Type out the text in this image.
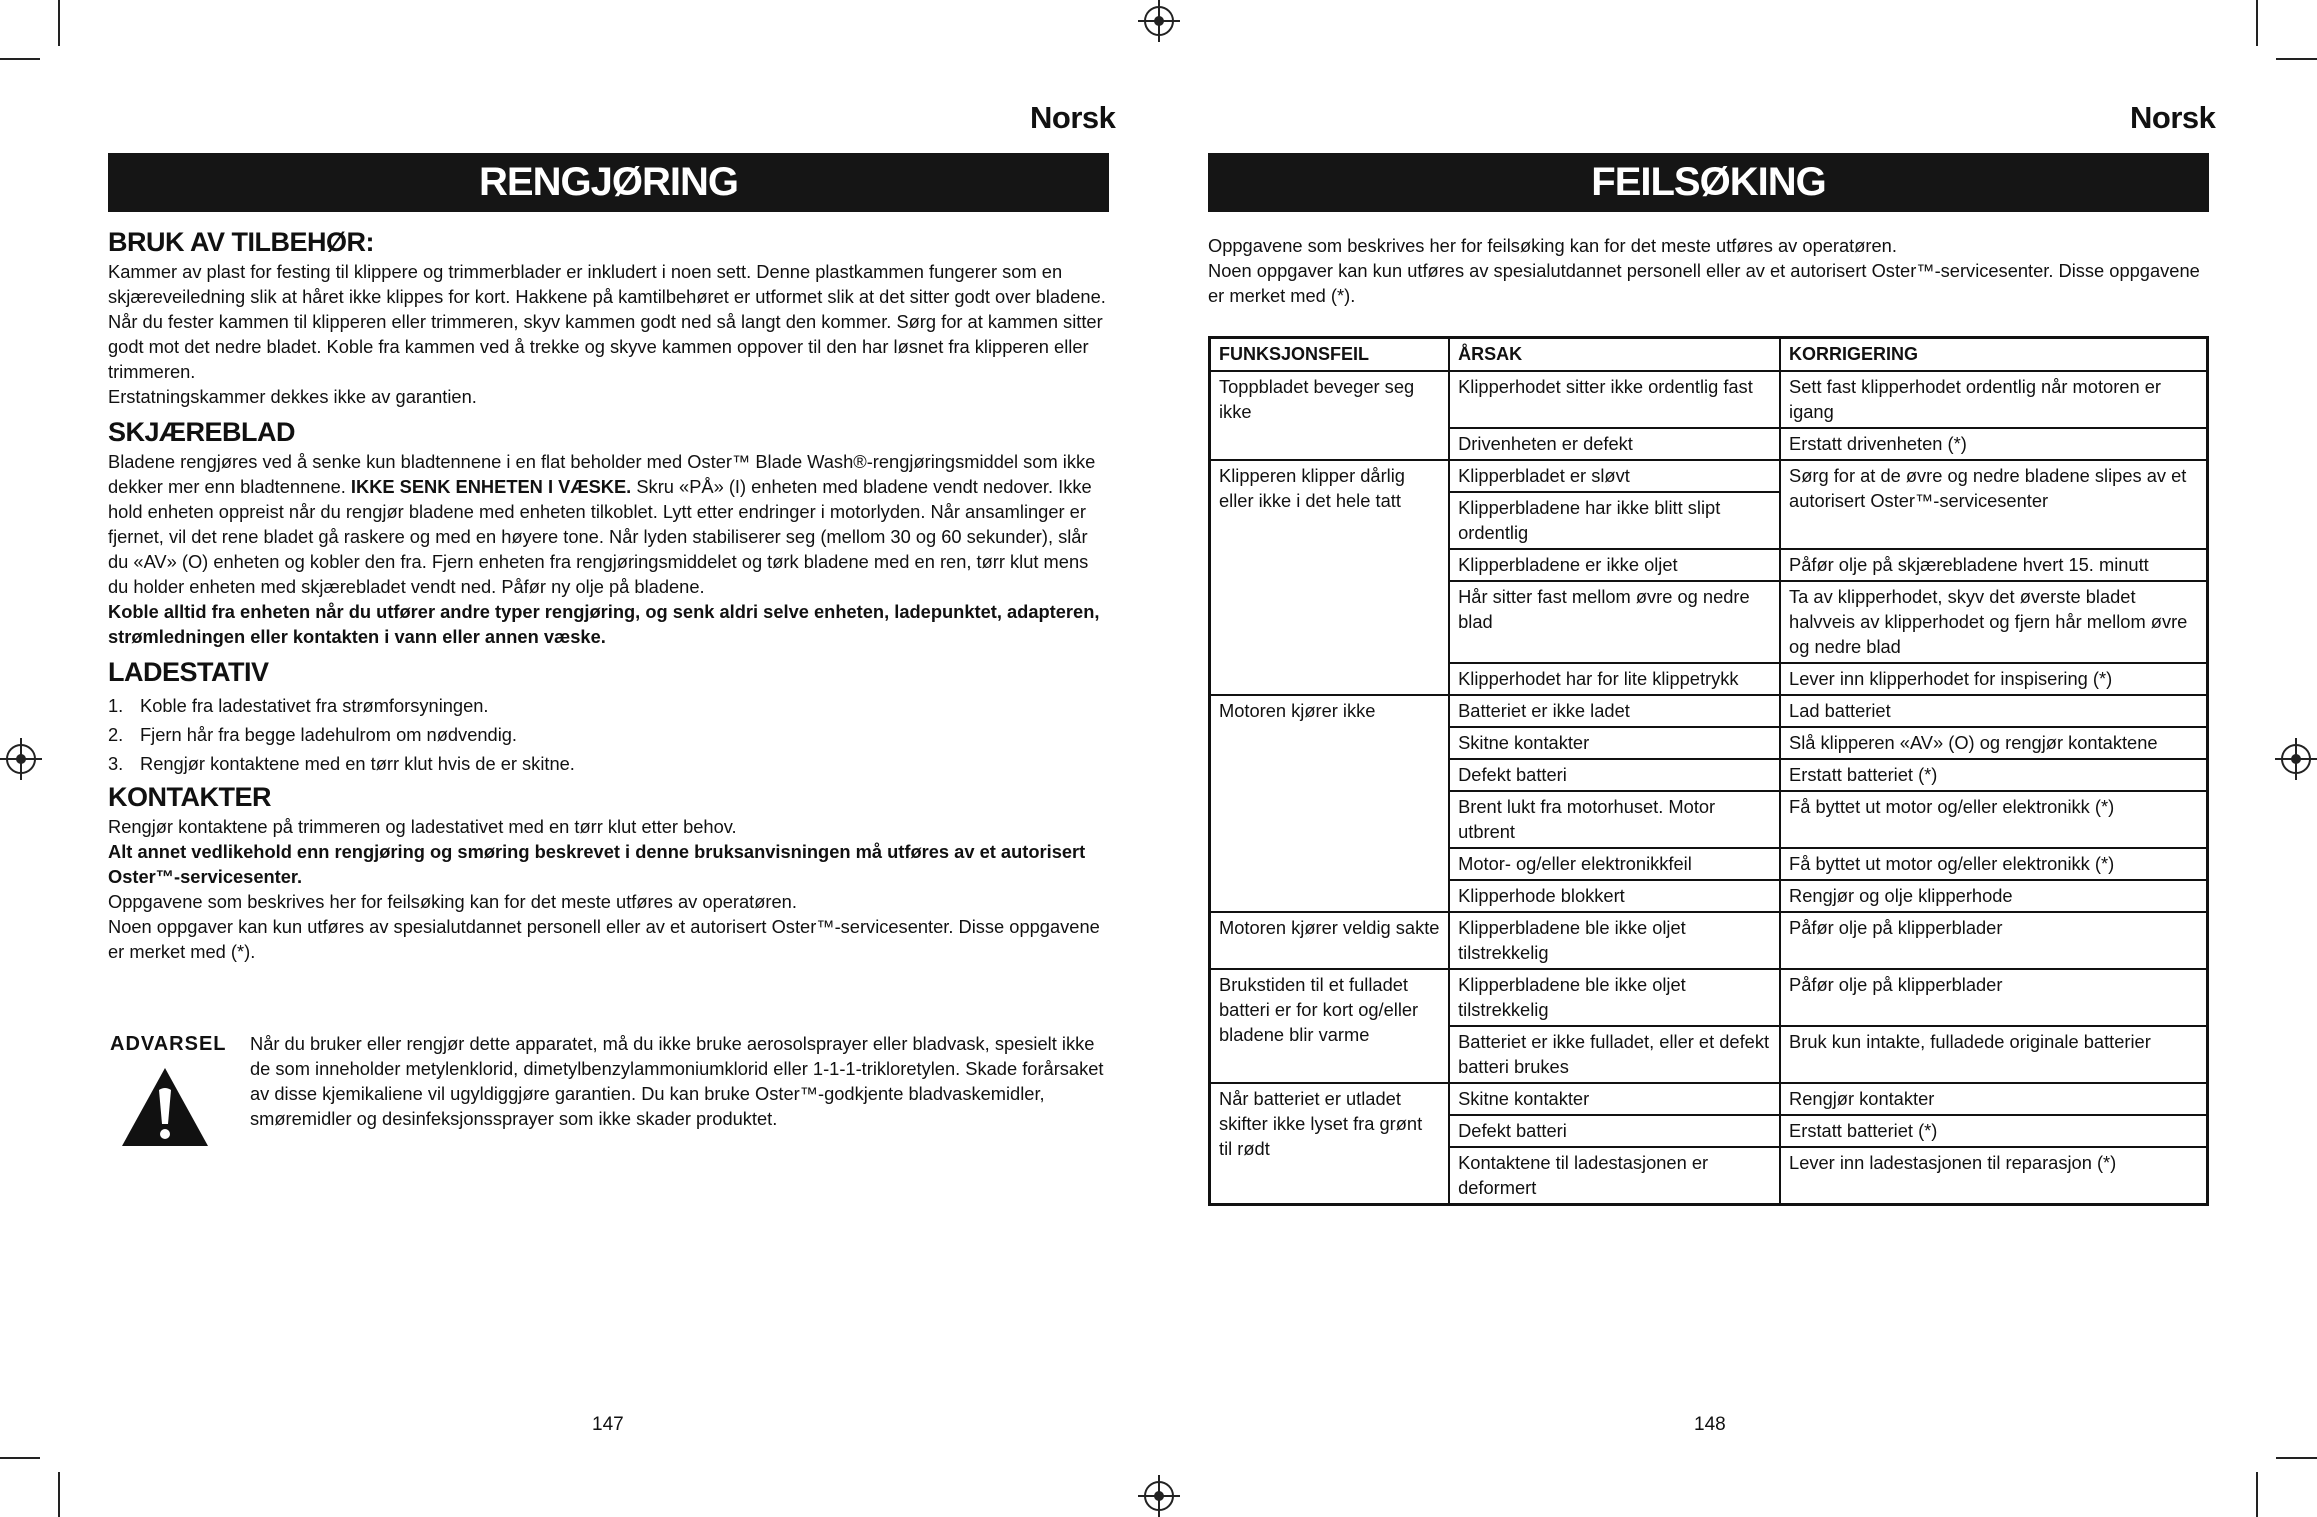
Norsk
RENGJØRING

BRUK AV TILBEHØR:

Kammer av plast for festing til klippere og trimmerblader er inkludert i noen sett. Denne plastkammen fungerer som en skjæreveiledning slik at håret ikke klippes for kort. Hakkene på kamtilbehøret er utformet slik at det sitter godt over bladene.

Når du fester kammen til klipperen eller trimmeren, skyv kammen godt ned så langt den kommer. Sørg for at kammen sitter godt mot det nedre bladet. Koble fra kammen ved å trekke og skyve kammen oppover til den har løsnet fra klipperen eller trimmeren.

Erstatningskammer dekkes ikke av garantien.

SKJÆREBLAD

Bladene rengjøres ved å senke kun bladtennene i en flat beholder med Oster™ Blade Wash®-rengjøringsmiddel som ikke dekker mer enn bladtennene. IKKE SENK ENHETEN I VÆSKE. Skru «PÅ» (I) enheten med bladene vendt nedover. Ikke hold enheten oppreist når du rengjør bladene med enheten tilkoblet. Lytt etter endringer i motorlyden. Når ansamlinger er fjernet, vil det rene bladet gå raskere og med en høyere tone. Når lyden stabiliserer seg (mellom 30 og 60 sekunder), slår du «AV» (O) enheten og kobler den fra. Fjern enheten fra rengjøringsmiddelet og tørk bladene med en ren, tørr klut mens du holder enheten med skjærebladet vendt ned. Påfør ny olje på bladene.

Koble alltid fra enheten når du utfører andre typer rengjøring, og senk aldri selve enheten, ladepunktet, adapteren, strømledningen eller kontakten i vann eller annen væske.

LADESTATIV

1. Koble fra ladestativet fra strømforsyningen.
2. Fjern hår fra begge ladehulrom om nødvendig.
3. Rengjør kontaktene med en tørr klut hvis de er skitne.

KONTAKTER

Rengjør kontaktene på trimmeren og ladestativet med en tørr klut etter behov.

Alt annet vedlikehold enn rengjøring og smøring beskrevet i denne bruksanvisningen må utføres av et autorisert Oster™-servicesenter.

Oppgavene som beskrives her for feilsøking kan for det meste utføres av operatøren.

Noen oppgaver kan kun utføres av spesialutdannet personell eller av et autorisert Oster™-servicesenter. Disse oppgavene er merket med (*).

ADVARSEL Når du bruker eller rengjør dette apparatet, må du ikke bruke aerosolsprayer eller bladvask, spesielt ikke de som inneholder metylenklorid, dimetylbenzylammoniumklorid eller 1-1-1-trikloretylen. Skade forårsaket av disse kjemikaliene vil ugyldiggjøre garantien. Du kan bruke Oster™-godkjente bladvaskemidler, smøremidler og desinfeksjonssprayer som ikke skader produktet.
147
Norsk
FEILSØKING
Oppgavene som beskrives her for feilsøking kan for det meste utføres av operatøren.
Noen oppgaver kan kun utføres av spesialutdannet personell eller av et autorisert Oster™-servicesenter. Disse oppgavene er merket med (*).
FUNKSJONSFEIL	ÅRSAK	KORRIGERING
Toppbladet beveger seg ikke	Klipperhodet sitter ikke ordentlig fast	Sett fast klipperhodet ordentlig når motoren er igang
	Drivenheten er defekt	Erstatt drivenheten (*)
Klipperen klipper dårlig eller ikke i det hele tatt	Klipperbladet er sløvt	Sørg for at de øvre og nedre bladene slipes av et autorisert Oster™-servicesenter
	Klipperbladene har ikke blitt slipt ordentlig	
	Klipperbladene er ikke oljet	Påfør olje på skjærebladene hvert 15. minutt
	Hår sitter fast mellom øvre og nedre blad	Ta av klipperhodet, skyv det øverste bladet halvveis av klipperhodet og fjern hår mellom øvre og nedre blad
	Klipperhodet har for lite klippetrykk	Lever inn klipperhodet for inspisering (*)
Motoren kjører ikke	Batteriet er ikke ladet	Lad batteriet
	Skitne kontakter	Slå klipperen «AV» (O) og rengjør kontaktene
	Defekt batteri	Erstatt batteriet (*)
	Brent lukt fra motorhuset. Motor utbrent	Få byttet ut motor og/eller elektronikk (*)
	Motor- og/eller elektronikkfeil	Få byttet ut motor og/eller elektronikk (*)
	Klipperhode blokkert	Rengjør og olje klipperhode
Motoren kjører veldig sakte	Klipperbladene ble ikke oljet tilstrekkelig	Påfør olje på klipperblader
Brukstiden til et fulladet batteri er for kort og/eller bladene blir varme	Klipperbladene ble ikke oljet tilstrekkelig	Påfør olje på klipperblader
	Batteriet er ikke fulladet, eller et defekt batteri brukes	Bruk kun intakte, fulladede originale batterier
Når batteriet er utladet skifter ikke lyset fra grønt til rødt	Skitne kontakter	Rengjør kontakter
	Defekt batteri	Erstatt batteriet (*)
	Kontaktene til ladestasjonen er deformert	Lever inn ladestasjonen til reparasjon (*)
148
